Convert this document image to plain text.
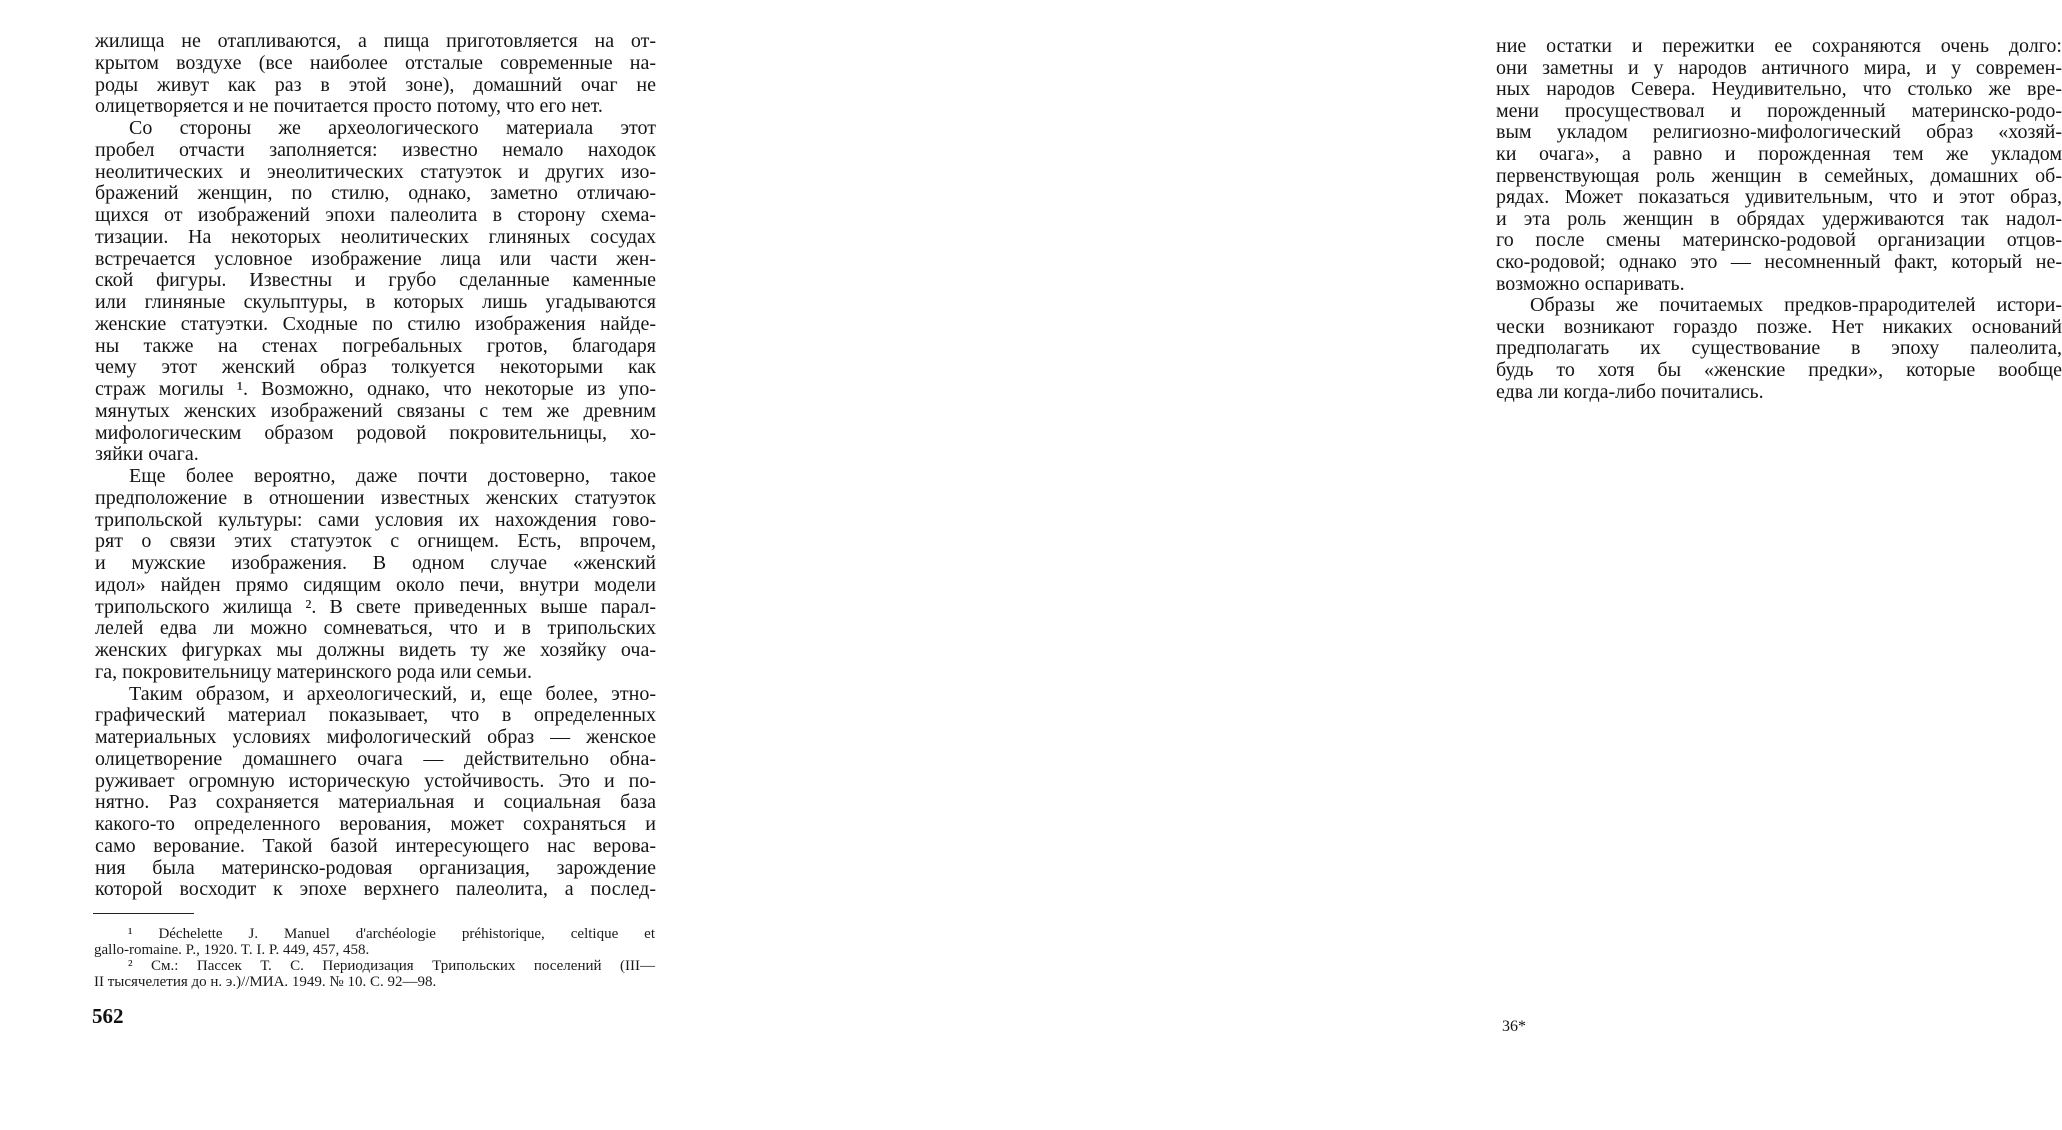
жилища не отапливаются, а пища приготовляется на от-
крытом воздухе (все наиболее отсталые современные на-
роды живут как раз в этой зоне), домашний очаг не
олицетворяется и не почитается просто потому, что его нет.
Со стороны же археологического материала этот
пробел отчасти заполняется: известно немало находок
неолитических и энеолитических статуэток и других изо-
бражений женщин, по стилю, однако, заметно отличаю-
щихся от изображений эпохи палеолита в сторону схема-
тизации. На некоторых неолитических глиняных сосудах
встречается условное изображение лица или части жен-
ской фигуры. Известны и грубо сделанные каменные
или глиняные скульптуры, в которых лишь угадываются
женские статуэтки. Сходные по стилю изображения найде-
ны также на стенах погребальных гротов, благодаря
чему этот женский образ толкуется некоторыми как
страж могилы ¹. Возможно, однако, что некоторые из упо-
мянутых женских изображений связаны с тем же древним
мифологическим образом родовой покровительницы, хо-
зяйки очага.
Еще более вероятно, даже почти достоверно, такое
предположение в отношении известных женских статуэток
трипольской культуры: сами условия их нахождения гово-
рят о связи этих статуэток с огнищем. Есть, впрочем,
и мужские изображения. В одном случае «женский
идол» найден прямо сидящим около печи, внутри модели
трипольского жилища ². В свете приведенных выше парал-
лелей едва ли можно сомневаться, что и в трипольских
женских фигурках мы должны видеть ту же хозяйку оча-
га, покровительницу материнского рода или семьи.
Таким образом, и археологический, и, еще более, этно-
графический материал показывает, что в определенных
материальных условиях мифологический образ — женское
олицетворение домашнего очага — действительно обна-
руживает огромную историческую устойчивость. Это и по-
нятно. Раз сохраняется материальная и социальная база
какого-то определенного верования, может сохраняться и
само верование. Такой базой интересующего нас верова-
ния была материнско-родовая организация, зарождение
которой восходит к эпохе верхнего палеолита, а послед-
¹ Déchelette J. Manuel d'archéologie préhistorique, celtique et
gallo-romaine. P., 1920. T. I. P. 449, 457, 458.
² См.: Пассек Т. С. Периодизация Трипольских поселений (III—
II тысячелетия до н. э.)//МИА. 1949. № 10. С. 92—98.
562
ние остатки и пережитки ее сохраняются очень долго:
они заметны и у народов античного мира, и у современ-
ных народов Севера. Неудивительно, что столько же вре-
мени просуществовал и порожденный материнско-родо-
вым укладом религиозно-мифологический образ «хозяй-
ки очага», а равно и порожденная тем же укладом
первенствующая роль женщин в семейных, домашних об-
рядах. Может показаться удивительным, что и этот образ,
и эта роль женщин в обрядах удерживаются так надол-
го после смены материнско-родовой организации отцов-
ско-родовой; однако это — несомненный факт, который не-
возможно оспаривать.
Образы же почитаемых предков-прародителей истори-
чески возникают гораздо позже. Нет никаких оснований
предполагать их существование в эпоху палеолита,
будь то хотя бы «женские предки», которые вообще
едва ли когда-либо почитались.
36*
